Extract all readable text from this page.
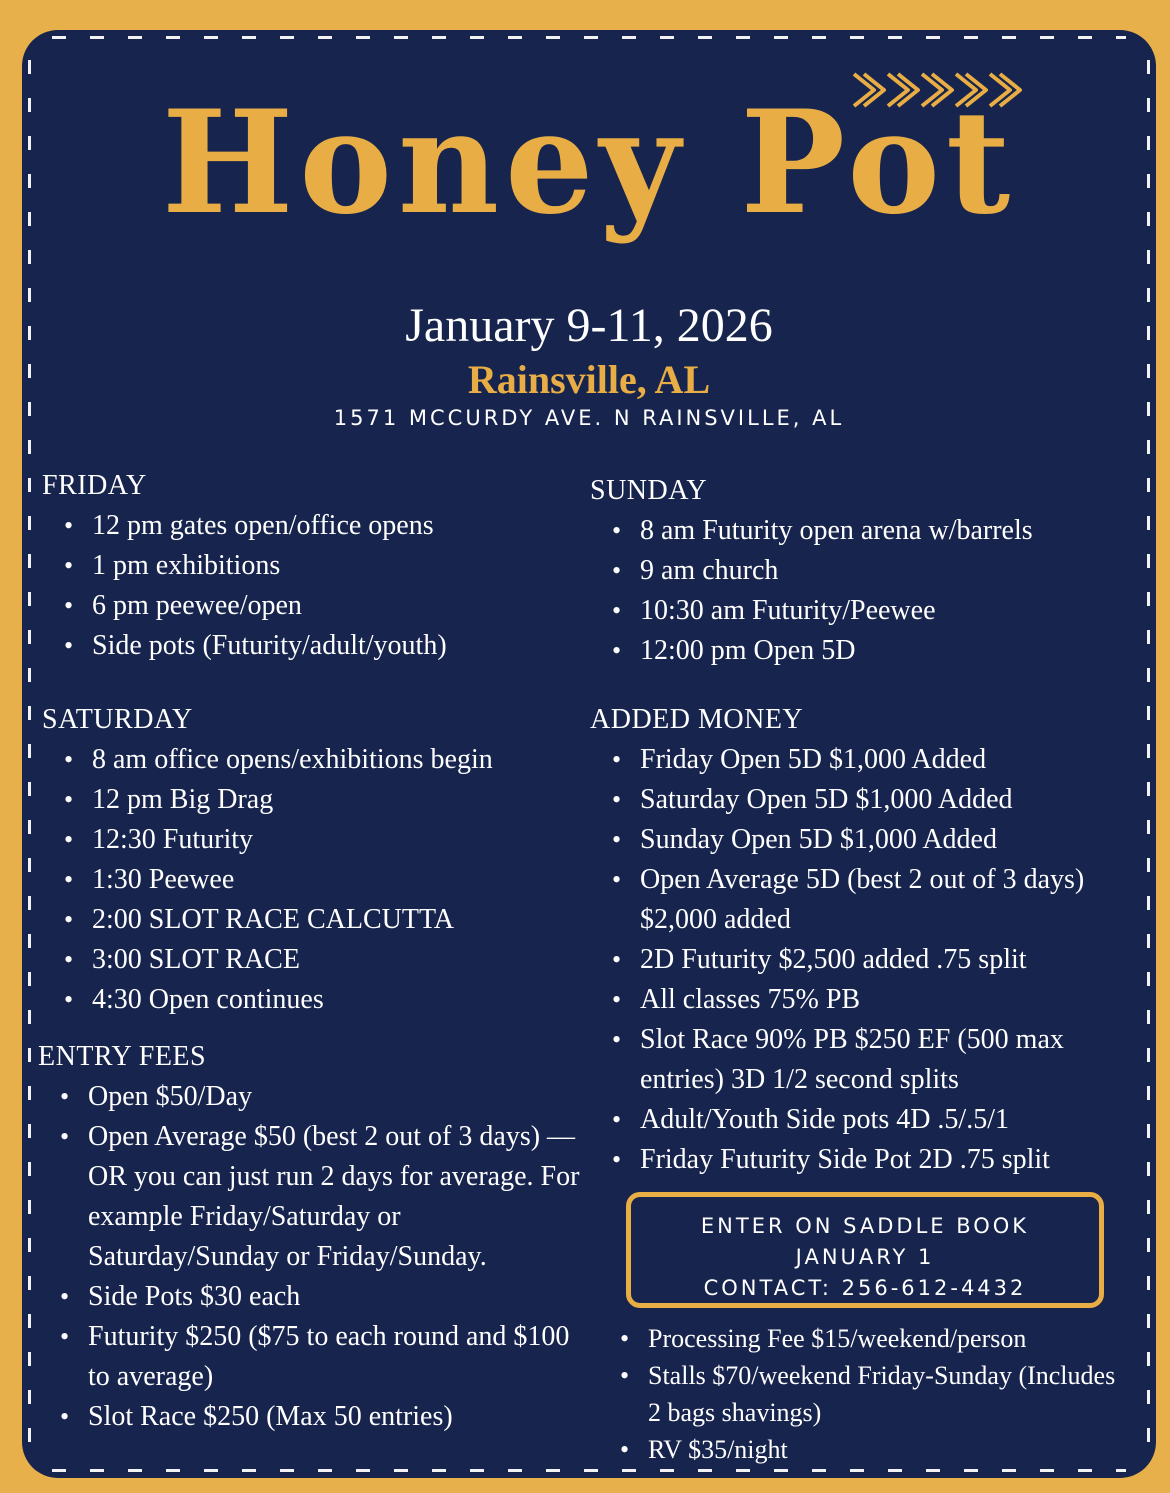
Honey Pot
January 9-11, 2026
Rainsville, AL
1571 MCCURDY AVE. N RAINSVILLE, AL
FRIDAY
• 12 pm gates open/office opens
• 1 pm exhibitions
• 6 pm peewee/open
• Side pots (Futurity/adult/youth)
SATURDAY
• 8 am office opens/exhibitions begin
• 12 pm Big Drag
• 12:30 Futurity
• 1:30 Peewee
• 2:00 SLOT RACE CALCUTTA
• 3:00 SLOT RACE
• 4:30 Open continues
ENTRY FEES
• Open $50/Day
• Open Average $50 (best 2 out of 3 days) — OR you can just run 2 days for average. For example Friday/Saturday or Saturday/Sunday or Friday/Sunday.
• Side Pots $30 each
• Futurity $250 ($75 to each round and $100 to average)
• Slot Race $250 (Max 50 entries)
SUNDAY
• 8 am Futurity open arena w/barrels
• 9 am church
• 10:30 am Futurity/Peewee
• 12:00 pm Open 5D
ADDED MONEY
• Friday Open 5D $1,000 Added
• Saturday Open 5D $1,000 Added
• Sunday Open 5D $1,000 Added
• Open Average 5D (best 2 out of 3 days) $2,000 added
• 2D Futurity $2,500 added .75 split
• All classes 75% PB
• Slot Race 90% PB $250 EF (500 max entries) 3D 1/2 second splits
• Adult/Youth Side pots 4D .5/.5/1
• Friday Futurity Side Pot 2D .75 split
ENTER ON SADDLE BOOK
JANUARY 1
CONTACT: 256-612-4432
• Processing Fee $15/weekend/person
• Stalls $70/weekend Friday-Sunday (Includes 2 bags shavings)
• RV $35/night
